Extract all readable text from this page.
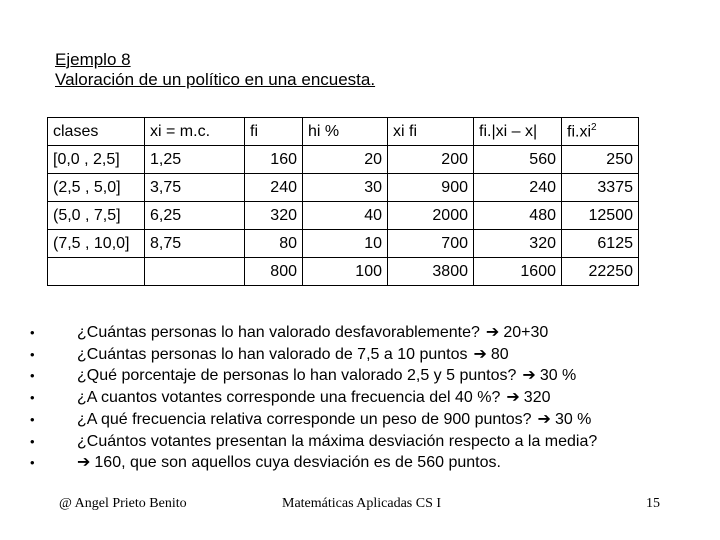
Ejemplo 8
Valoración de un político en una encuesta.
clases	xi = m.c.	fi	hi %	xi fi	fi.|xi – x|	$fi.xi^2$
[0,0 , 2,5]	1,25	160	20	200	560	250
(2,5 , 5,0]	3,75	240	30	900	240	3375
(5,0 , 7,5]	6,25	320	40	2000	480	12500
(7,5 , 10,0]	8,75	80	10	700	320	6125
		800	100	3800	1600	22250
•	¿Cuántas personas lo han valorado desfavorablemente? ➔ 20+30
•	¿Cuántas personas lo han valorado de 7,5 a 10 puntos ➔ 80
•	¿Qué porcentaje de personas lo han valorado 2,5 y 5 puntos? ➔ 30 %
•	¿A cuantos votantes corresponde una frecuencia del 40 %? ➔ 320
•	¿A qué frecuencia relativa corresponde un peso de 900 puntos? ➔ 30 %
•	¿Cuántos votantes presentan la máxima desviación respecto a la media?
•	➔ 160, que son aquellos cuya desviación es de 560 puntos.
@ Angel Prieto Benito	Matemáticas Aplicadas CS I	15
